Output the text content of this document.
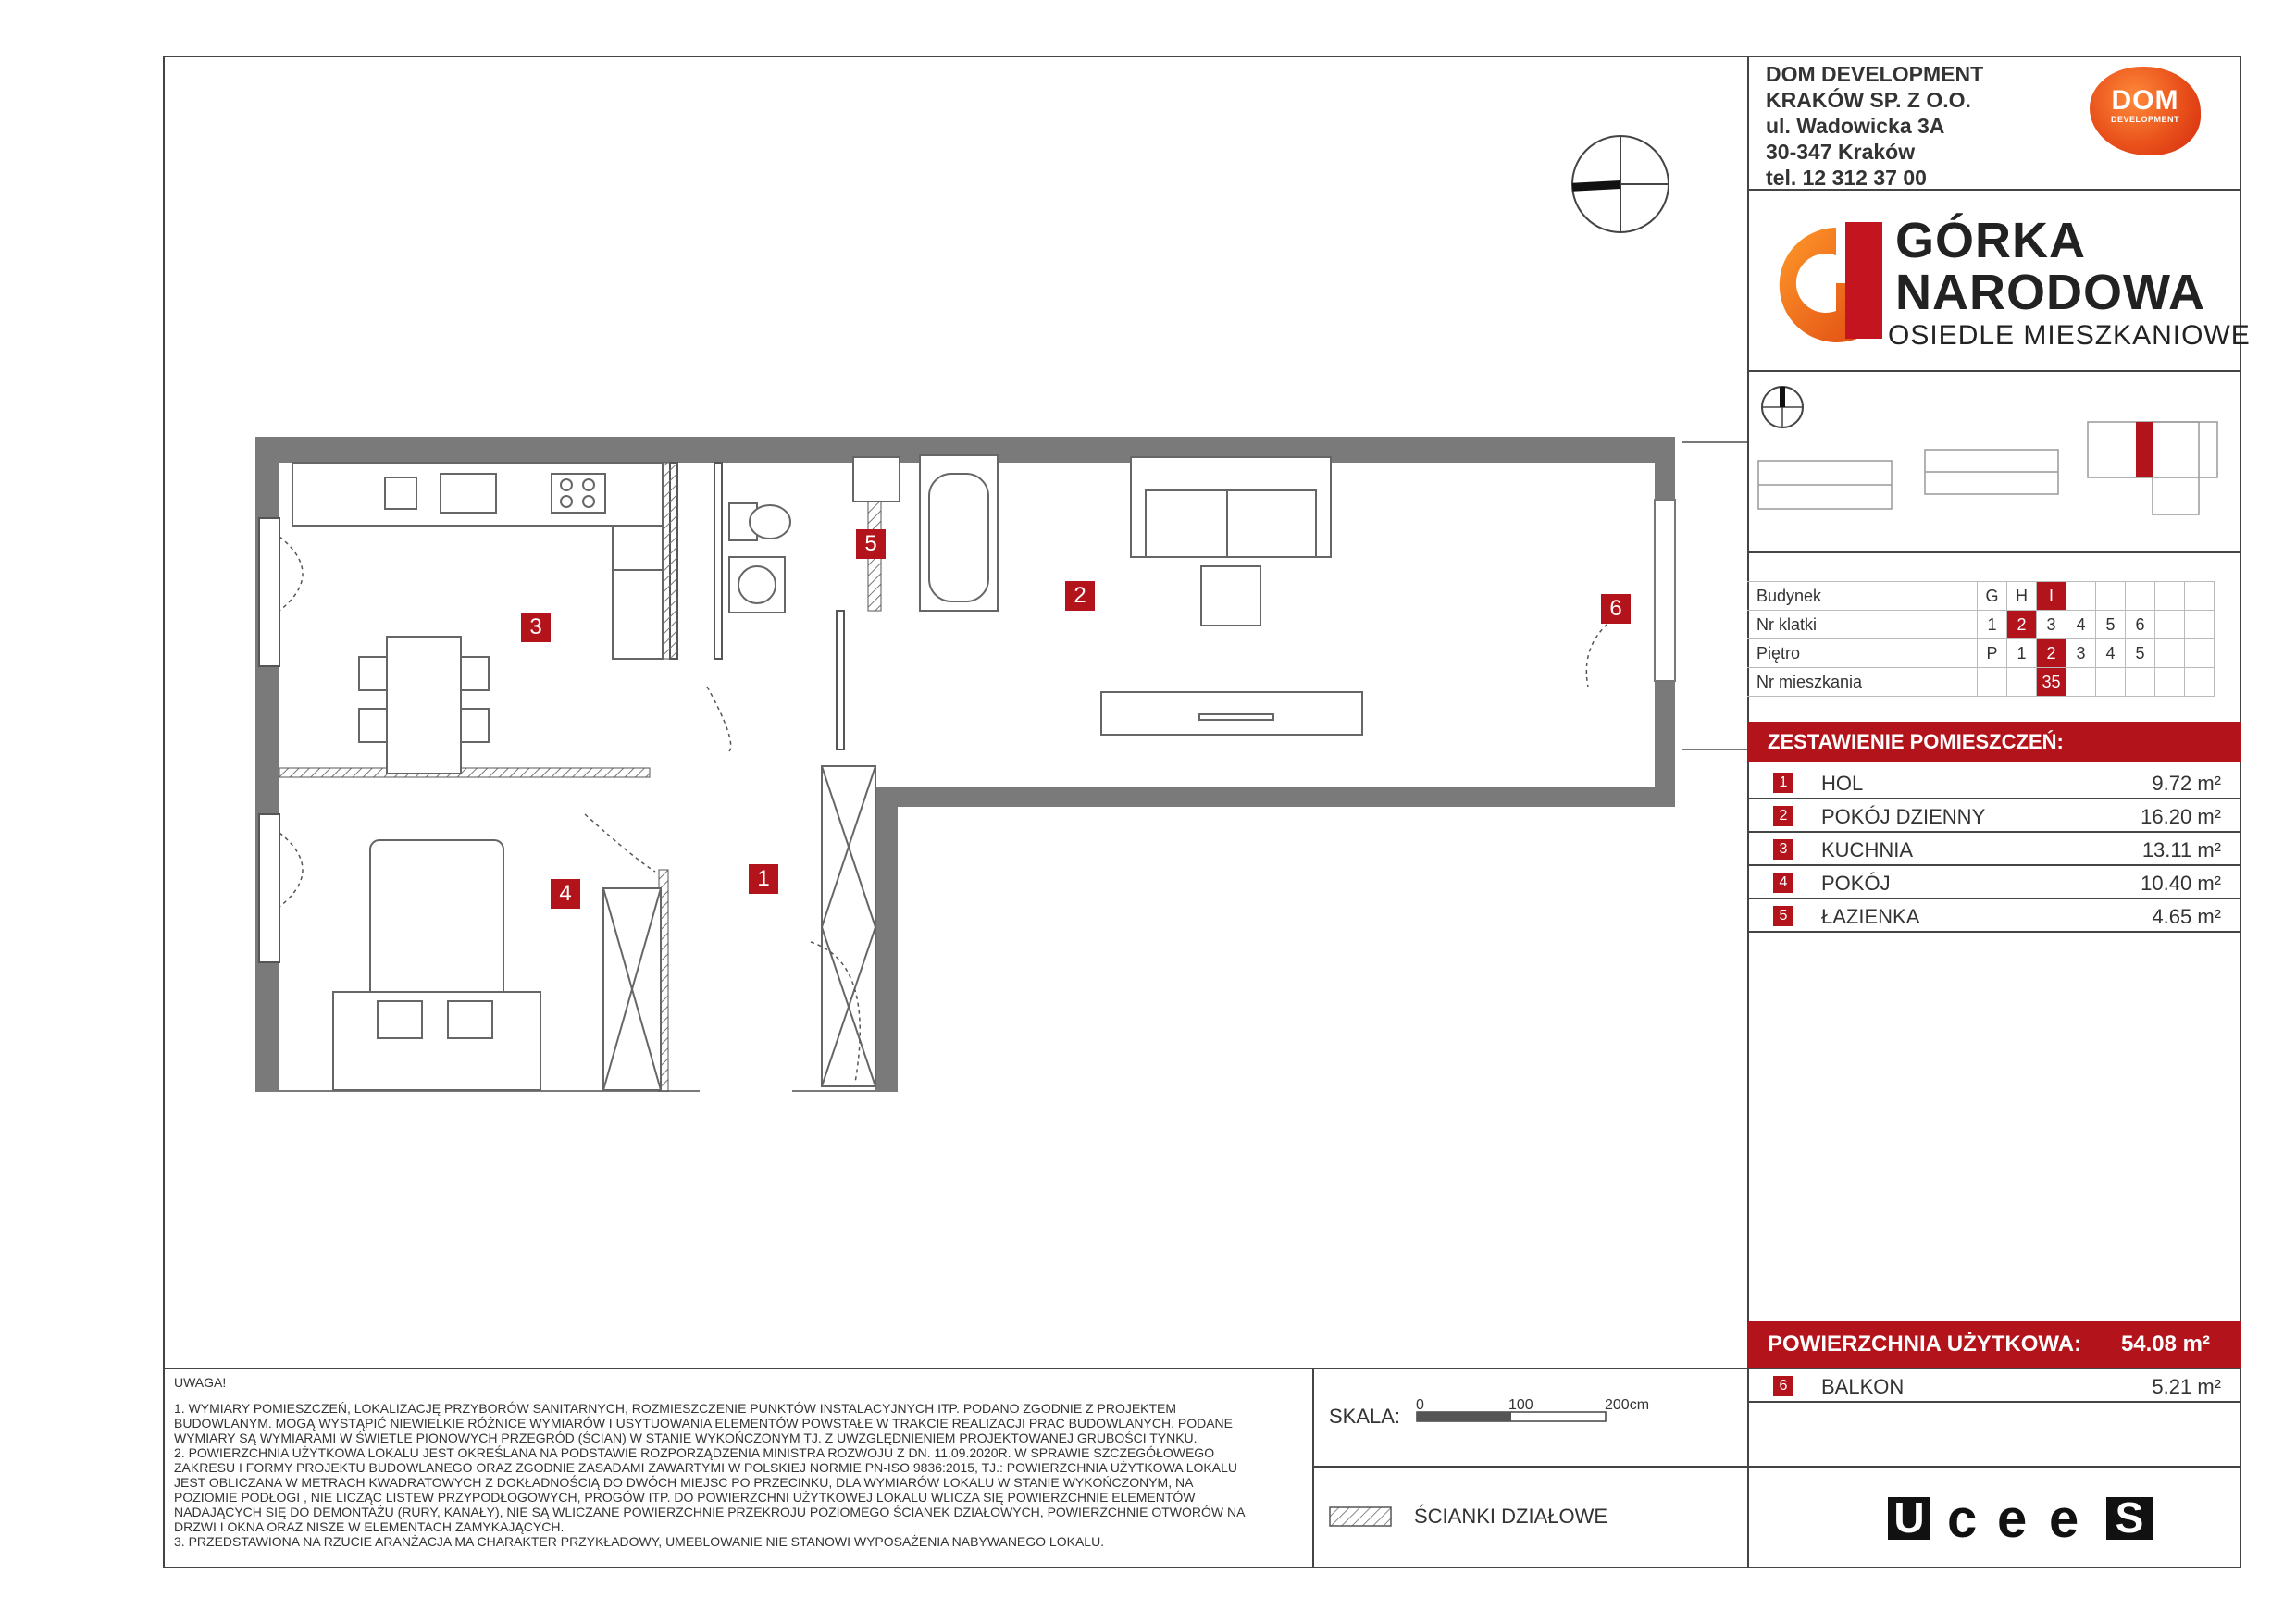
1
2
3
4
5
6
DOM DEVELOPMENT
KRAKÓW SP. Z O.O.
ul. Wadowicka 3A
30-347 Kraków
tel. 12 312 37 00
DOM
DEVELOPMENT
GÓRKA
NARODOWA
OSIEDLE MIESZKANIOWE
Budynek	G	H	I					
Nr klatki	1	2	3	4	5	6		
Piętro	P	1	2	3	4	5		
Nr mieszkania			35					
ZESTAWIENIE POMIESZCZEŃ:
1 HOL	9.72 m²
2 POKÓJ DZIENNY	16.20 m²
3 KUCHNIA	13.11 m²
4 POKÓJ	10.40 m²
5 ŁAZIENKA	4.65 m²
POWIERZCHNIA UŻYTKOWA: 54.08 m²
6 BALKON	5.21 m²
UWAGA!
1. WYMIARY POMIESZCZEŃ, LOKALIZACJĘ PRZYBORÓW SANITARNYCH, ROZMIESZCZENIE PUNKTÓW INSTALACYJNYCH ITP. PODANO ZGODNIE Z PROJEKTEM
BUDOWLANYM. MOGĄ WYSTĄPIĆ NIEWIELKIE RÓŻNICE WYMIARÓW I USYTUOWANIA ELEMENTÓW POWSTAŁE W TRAKCIE REALIZACJI PRAC BUDOWLANYCH. PODANE
WYMIARY SĄ WYMIARAMI W ŚWIETLE PIONOWYCH PRZEGRÓD (ŚCIAN) W STANIE WYKOŃCZONYM TJ. Z UWZGLĘDNIENIEM PROJEKTOWANEJ GRUBOŚCI TYNKU.
2. POWIERZCHNIA UŻYTKOWA LOKALU JEST OKREŚLANA NA PODSTAWIE ROZPORZĄDZENIA MINISTRA ROZWOJU Z DN. 11.09.2020R. W SPRAWIE SZCZEGÓŁOWEGO
ZAKRESU I FORMY PROJEKTU BUDOWLANEGO ORAZ ZGODNIE ZASADAMI ZAWARTYMI W POLSKIEJ NORMIE PN-ISO 9836:2015, TJ.: POWIERZCHNIA UŻYTKOWA LOKALU
JEST OBLICZANA W METRACH KWADRATOWYCH Z DOKŁADNOŚCIĄ DO DWÓCH MIEJSC PO PRZECINKU, DLA WYMIARÓW LOKALU W STANIE WYKOŃCZONYM, NA
POZIOMIE PODŁOGI , NIE LICZĄC LISTEW PRZYPODŁOGOWYCH, PROGÓW ITP. DO POWIERZCHNI UŻYTKOWEJ LOKALU WLICZA SIĘ POWIERZCHNIE ELEMENTÓW
NADAJĄCYCH SIĘ DO DEMONTAŻU (RURY, KANAŁY), NIE SĄ WLICZANE POWIERZCHNIE PRZEKROJU POZIOMEGO ŚCIANEK DZIAŁOWYCH, POWIERZCHNIE OTWORÓW NA
DRZWI I OKNA ORAZ NISZE W ELEMENTACH ZAMYKAJĄCYCH.
3. PRZEDSTAWIONA NA RZUCIE ARANŻACJA MA CHARAKTER PRZYKŁADOWY, UMEBLOWANIE NIE STANOWI WYPOSAŻENIA NABYWANEGO LOKALU.
SKALA: 0	100	200cm
ŚCIANKI DZIAŁOWE	U c e e S
